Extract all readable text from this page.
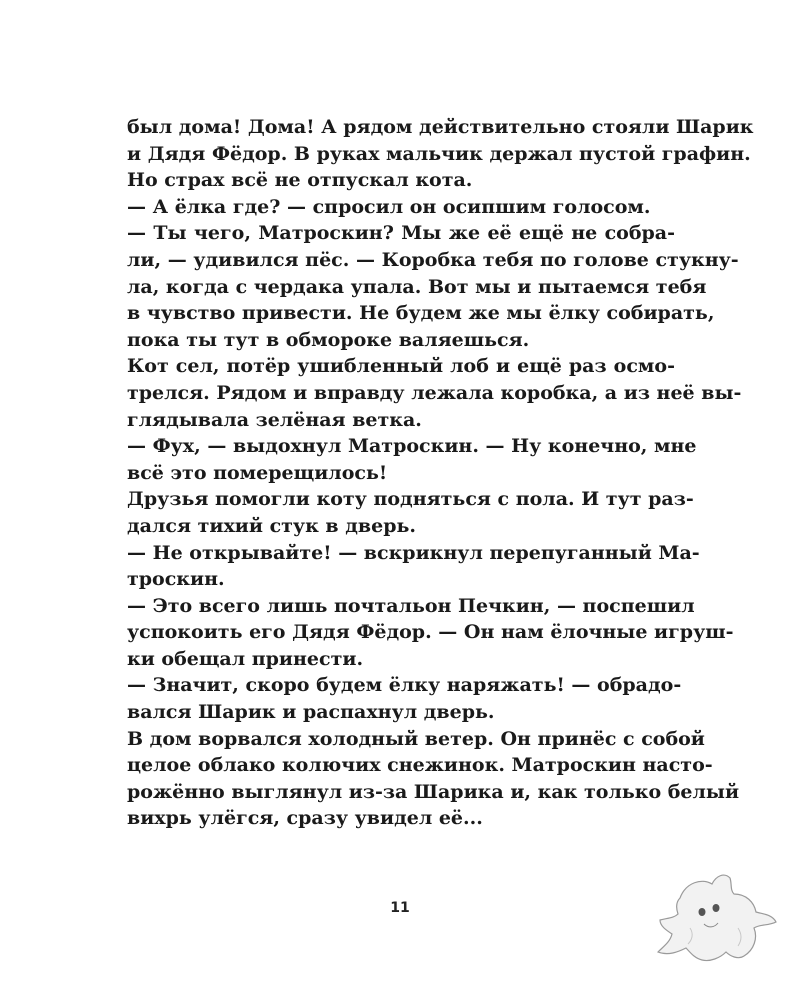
был дома! Дома! А рядом действительно стояли Шарик
и Дядя Фёдор. В руках мальчик держал пустой графин.
Но страх всё не отпускал кота.
— А ёлка где? — спросил он осипшим голосом.
— Ты чего, Матроскин? Мы же её ещё не собра-
ли, — удивился пёс. — Коробка тебя по голове стукну-
ла, когда с чердака упала. Вот мы и пытаемся тебя
в чувство привести. Не будем же мы ёлку собирать,
пока ты тут в обмороке валяешься.
Кот сел, потёр ушибленный лоб и ещё раз осмо-
трелся. Рядом и вправду лежала коробка, а из неё вы-
глядывала зелёная ветка.
— Фух, — выдохнул Матроскин. — Ну конечно, мне
всё это померещилось!
Друзья помогли коту подняться с пола. И тут раз-
дался тихий стук в дверь.
— Не открывайте! — вскрикнул перепуганный Ма-
троскин.
— Это всего лишь почтальон Печкин, — поспешил
успокоить его Дядя Фёдор. — Он нам ёлочные игруш-
ки обещал принести.
— Значит, скоро будем ёлку наряжать! — обрадо-
вался Шарик и распахнул дверь.
В дом ворвался холодный ветер. Он принёс с собой
целое облако колючих снежинок. Матроскин насто-
рожённо выглянул из-за Шарика и, как только белый
вихрь улёгся, сразу увидел её...
11
